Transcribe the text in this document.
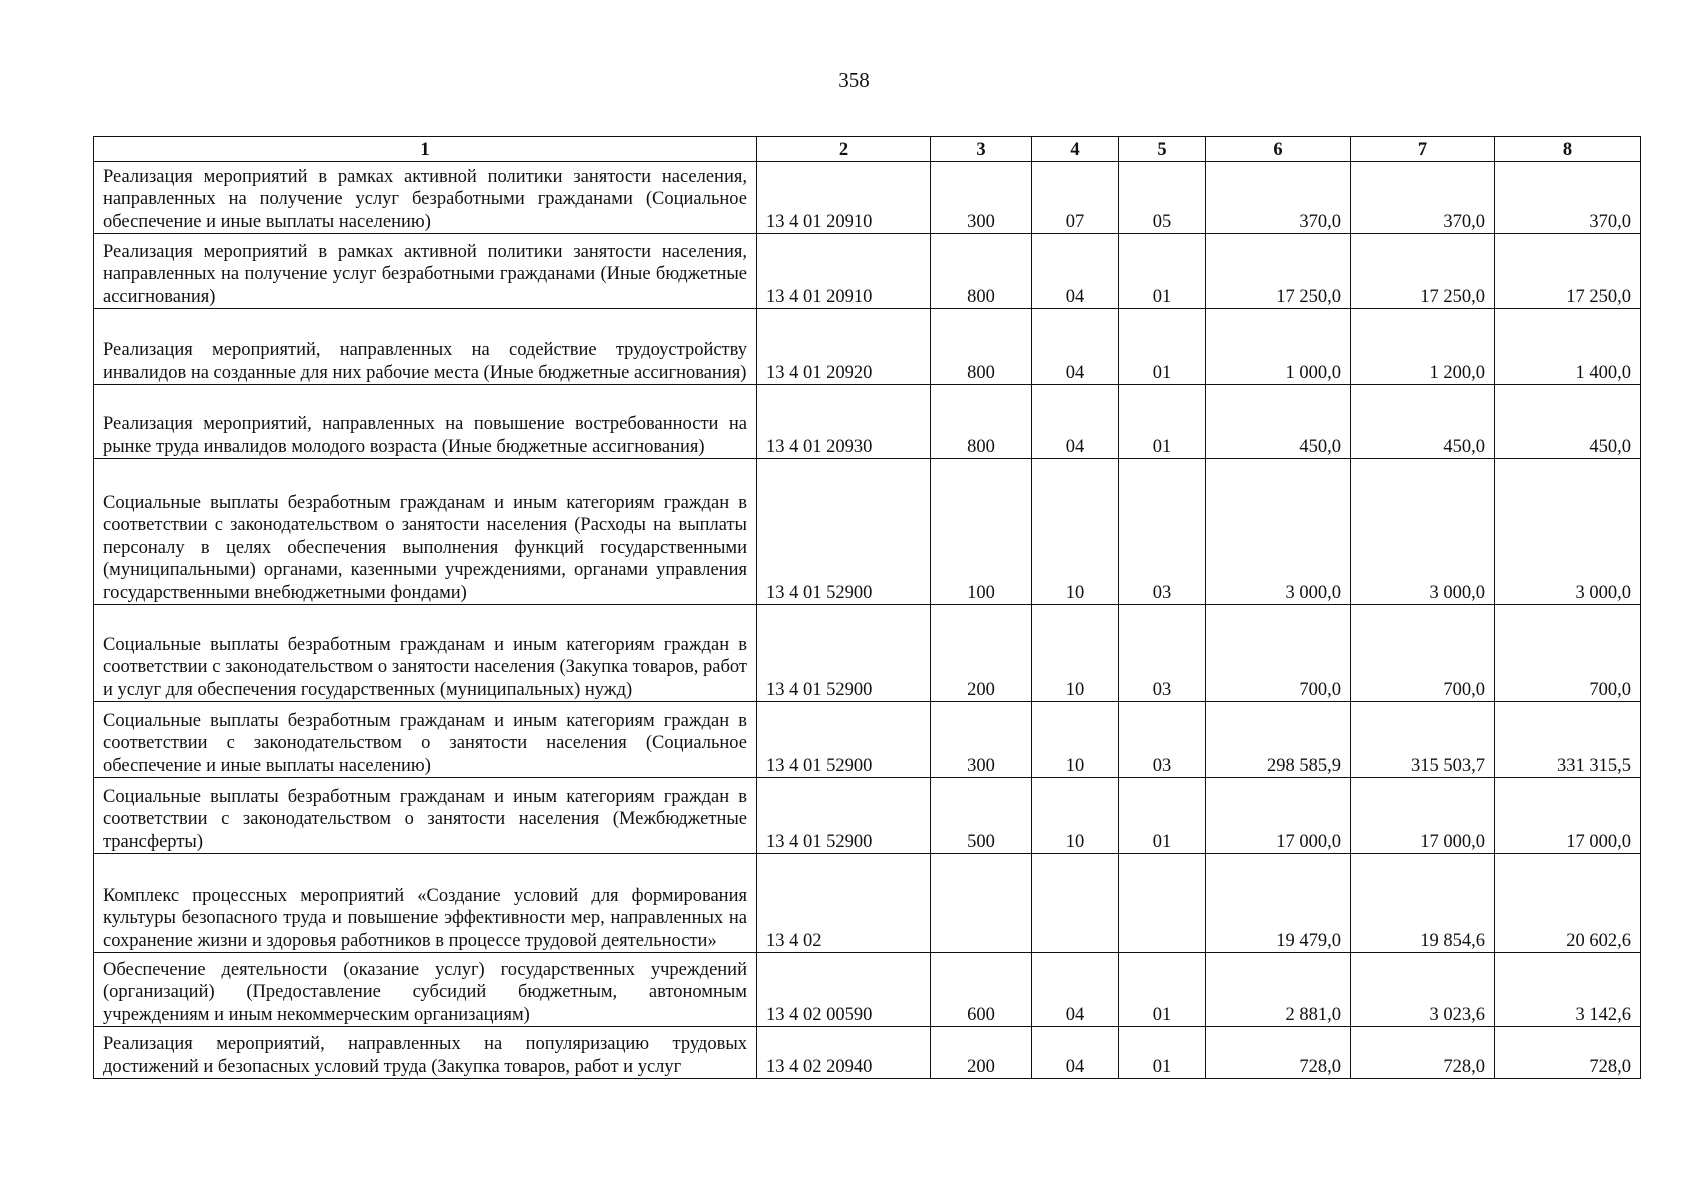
358
1	2	3	4	5	6	7	8
Реализация мероприятий в рамках активной политики занятости населения, направленных на получение услуг безработными гражданами (Социальное обеспечение и иные выплаты населению)	13 4 01 20910	300	07	05	370,0	370,0	370,0
Реализация мероприятий в рамках активной политики занятости населения, направленных на получение услуг безработными гражданами (Иные бюджетные ассигнования)	13 4 01 20910	800	04	01	17 250,0	17 250,0	17 250,0
Реализация мероприятий, направленных на содействие трудоустройству инвалидов на созданные для них рабочие места (Иные бюджетные ассигнования)	13 4 01 20920	800	04	01	1 000,0	1 200,0	1 400,0
Реализация мероприятий, направленных на повышение востребованности на рынке труда инвалидов молодого возраста (Иные бюджетные ассигнования)	13 4 01 20930	800	04	01	450,0	450,0	450,0
Социальные выплаты безработным гражданам и иным категориям граждан в соответствии с законодательством о занятости населения (Расходы на выплаты персоналу в целях обеспечения выполнения функций государственными (муниципальными) органами, казенными учреждениями, органами управления государственными внебюджетными фондами)	13 4 01 52900	100	10	03	3 000,0	3 000,0	3 000,0
Социальные выплаты безработным гражданам и иным категориям граждан в соответствии с законодательством о занятости населения (Закупка товаров, работ и услуг для обеспечения государственных (муниципальных) нужд)	13 4 01 52900	200	10	03	700,0	700,0	700,0
Социальные выплаты безработным гражданам и иным категориям граждан в соответствии с законодательством о занятости населения (Социальное обеспечение и иные выплаты населению)	13 4 01 52900	300	10	03	298 585,9	315 503,7	331 315,5
Социальные выплаты безработным гражданам и иным категориям граждан в соответствии с законодательством о занятости населения (Межбюджетные трансферты)	13 4 01 52900	500	10	01	17 000,0	17 000,0	17 000,0
Комплекс процессных мероприятий «Создание условий для формирования культуры безопасного труда и повышение эффективности мер, направленных на сохранение жизни и здоровья работников в процессе трудовой деятельности»	13 4 02				19 479,0	19 854,6	20 602,6
Обеспечение деятельности (оказание услуг) государственных учреждений (организаций) (Предоставление субсидий бюджетным, автономным учреждениям и иным некоммерческим организациям)	13 4 02 00590	600	04	01	2 881,0	3 023,6	3 142,6
Реализация мероприятий, направленных на популяризацию трудовых достижений и безопасных условий труда (Закупка товаров, работ и услуг	13 4 02 20940	200	04	01	728,0	728,0	728,0
